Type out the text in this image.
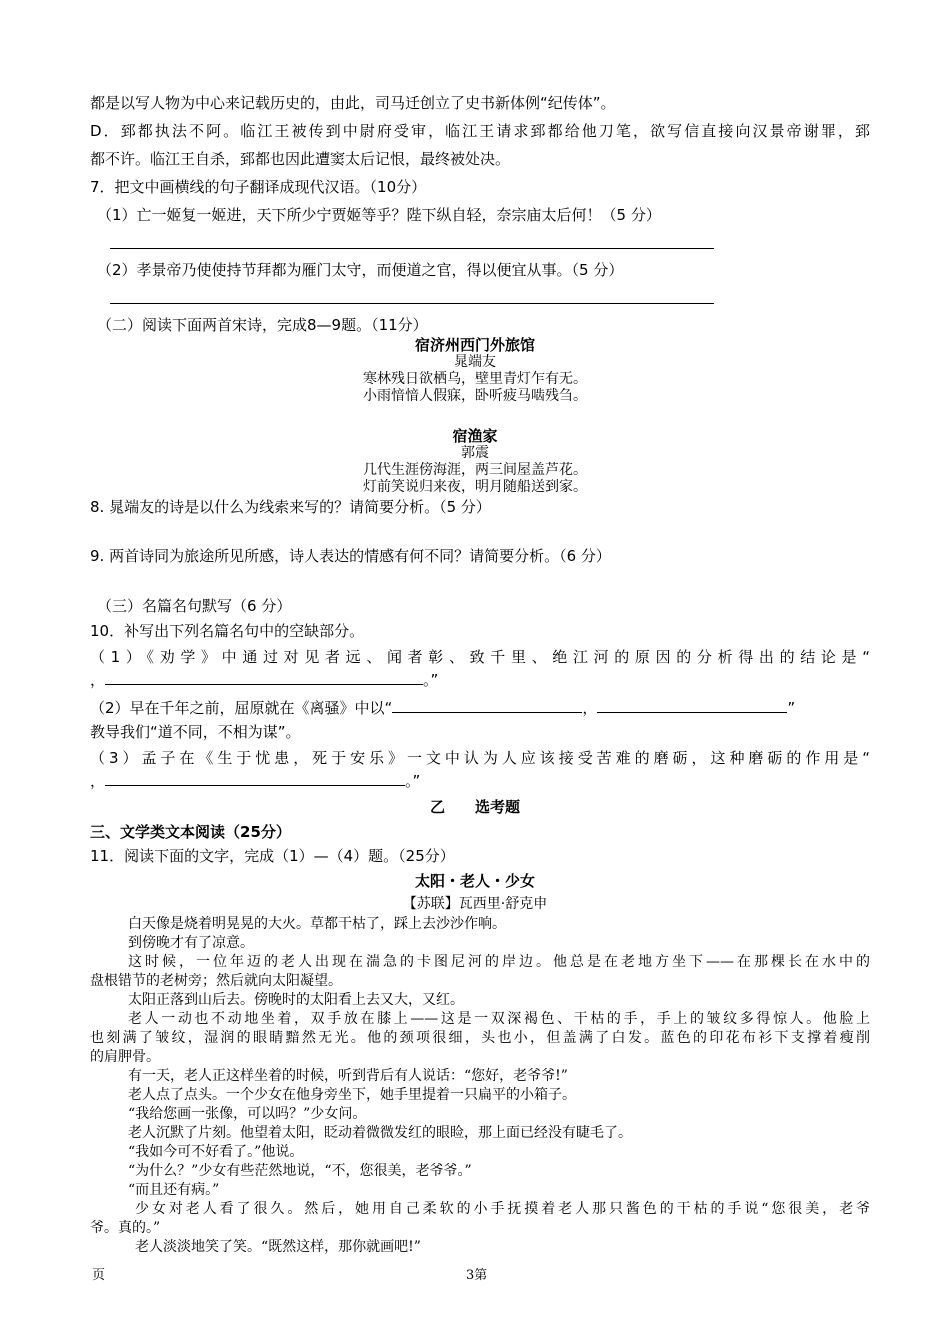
都是以写人物为中心来记载历史的，由此，司马迁创立了史书新体例“纪传体”。
D．郅都执法不阿。临江王被传到中尉府受审，临江王请求郅都给他刀笔，欲写信直接向汉景帝谢罪，郅
都不许。临江王自杀，郅都也因此遭窦太后记恨，最终被处决。
7．把文中画横线的句子翻译成现代汉语。（10分）
（1）亡一姬复一姬进，天下所少宁贾姬等乎？陛下纵自轻，奈宗庙太后何！（5 分）
（2）孝景帝乃使使持节拜都为雁门太守，而便道之官，得以便宜从事。（5 分）
（二）阅读下面两首宋诗，完成8—9题。（11分）
宿济州西门外旅馆
晁端友
寒林残日欲栖乌，壁里青灯乍有无。
小雨愔愔人假寐，卧听疲马啮残刍。
宿渔家
郭震
几代生涯傍海涯，两三间屋盖芦花。
灯前笑说归来夜，明月随船送到家。
8. 晁端友的诗是以什么为线索来写的？请简要分析。（5 分）
9. 两首诗同为旅途所见所感，诗人表达的情感有何不同？请简要分析。（6 分）
（三）名篇名句默写（6 分）
10．补写出下列名篇名句中的空缺部分。
（1）《劝学》中通过对见者远、闻者彰、致千里、绝江河的原因的分析得出的结论是“
，	。”
（2）早在千年之前，屈原就在《离骚》中以“	，	”
教导我们“道不同，不相为谋”。
（3）孟子在《生于忧患，死于安乐》一文中认为人应该接受苦难的磨砺，这种磨砺的作用是“
，	。”
乙　　选考题
三、文学类文本阅读（25分）
11．阅读下面的文字，完成（1）—（4）题。（25分）
太阳・老人・少女
【苏联】瓦西里·舒克申
白天像是烧着明晃晃的大火。草都干枯了，踩上去沙沙作响。
到傍晚才有了凉意。
这时候，一位年迈的老人出现在湍急的卡图尼河的岸边。他总是在老地方坐下——在那棵长在水中的
盘根错节的老树旁；然后就向太阳凝望。
太阳正落到山后去。傍晚时的太阳看上去又大，又红。
老人一动也不动地坐着，双手放在膝上——这是一双深褐色、干枯的手，手上的皱纹多得惊人。他脸上
也刻满了皱纹，湿润的眼睛黯然无光。他的颈项很细，头也小，但盖满了白发。蓝色的印花布衫下支撑着瘦削
的肩胛骨。
有一天，老人正这样坐着的时候，听到背后有人说话：“您好，老爷爷!”
老人点了点头。一个少女在他身旁坐下，她手里提着一只扁平的小箱子。
“我给您画一张像，可以吗？”少女问。
老人沉默了片刻。他望着太阳，眨动着微微发红的眼睑，那上面已经没有睫毛了。
“我如今可不好看了。”他说。
“为什么？”少女有些茫然地说，“不，您很美，老爷爷。”
“而且还有病。”
少女对老人看了很久。然后，她用自己柔软的小手抚摸着老人那只酱色的干枯的手说“您很美，老爷
爷。真的。”
老人淡淡地笑了笑。“既然这样，那你就画吧!”
页	3第
